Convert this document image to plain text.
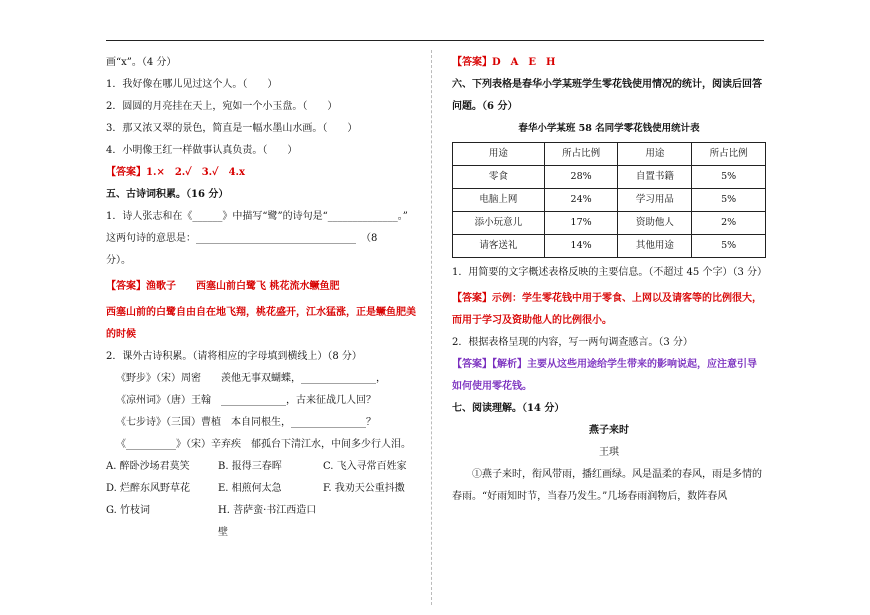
画“x”。（4 分）
1．我好像在哪儿见过这个人。（　　）
2．圆圆的月亮挂在天上，宛如一个小玉盘。（　　）
3．那又浓又翠的景色，简直是一幅水墨山水画。（　　）
4．小明像王红一样做事认真负责。（　　）
【答案】1.×　2.✓　3.✓　4.x
五、古诗词积累。（16 分）
1．诗人张志和在《______》中描写“鹭”的诗句是“______________。”
这两句诗的意思是：________________________________　（8
分）。
【答案】渔歌子　　西塞山前白鹭飞 桃花流水鳜鱼肥
西塞山前的白鹭自由自在地飞翔，桃花盛开，江水猛涨，正是鳜鱼肥美的时候
2．课外古诗积累。（请将相应的字母填到横线上）（8 分）
《野步》（宋）周密　　羡他无事双蝴蝶，_______________，
《凉州词》（唐）王翰　_____________，古来征战几人回？
《七步诗》（三国）曹植　本自同根生，_______________？
《__________》（宋）辛弃疾　郁孤台下清江水，中间多少行人泪。
A. 醉卧沙场君莫笑	B. 报得三春晖	C. 飞入寻常百姓家
D. 烂醉东风野草花	E. 相煎何太急	F. 我劝天公重抖擞
G. 竹枝词	H. 菩萨蛮·书江西造口壁
【答案】D　A　E　H
六、下列表格是春华小学某班学生零花钱使用情况的统计，阅读后回答问题。（6 分）
春华小学某班 58 名同学零花钱使用统计表
用途	所占比例	用途	所占比例
零食	28%	自置书籍	5%
电脑上网	24%	学习用品	5%
添小玩意儿	17%	资助他人	2%
请客送礼	14%	其他用途	5%
1．用简要的文字概述表格反映的主要信息。（不超过 45 个字）（3 分）
【答案】示例：学生零花钱中用于零食、上网以及请客等的比例很大，而用于学习及资助他人的比例很小。
2．根据表格呈现的内容，写一两句调查感言。（3 分）
【答案】【解析】主要从这些用途给学生带来的影响说起，应注意引导如何使用零花钱。
七、阅读理解。（14 分）
燕子来时
王琪
①燕子来时，衔风带雨，播红画绿。风是温柔的春风，雨是多情的春雨。“好雨知时节，当春乃发生。”几场春雨润物后，数阵春风
